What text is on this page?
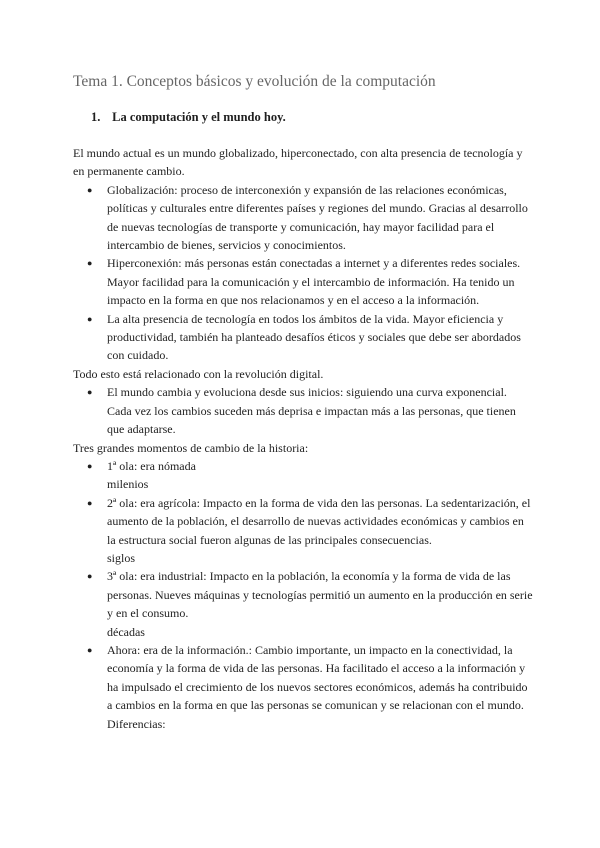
Tema 1. Conceptos básicos y evolución de la computación
1. La computación y el mundo hoy.

El mundo actual es un mundo globalizado, hiperconectado, con alta presencia de tecnología y en permanente cambio.

● Globalización: proceso de interconexión y expansión de las relaciones económicas, políticas y culturales entre diferentes países y regiones del mundo. Gracias al desarrollo de nuevas tecnologías de transporte y comunicación, hay mayor facilidad para el intercambio de bienes, servicios y conocimientos.
● Hiperconexión: más personas están conectadas a internet y a diferentes redes sociales. Mayor facilidad para la comunicación y el intercambio de información. Ha tenido un impacto en la forma en que nos relacionamos y en el acceso a la información.
● La alta presencia de tecnología en todos los ámbitos de la vida. Mayor eficiencia y productividad, también ha planteado desafíos éticos y sociales que debe ser abordados con cuidado.

Todo esto está relacionado con la revolución digital.

● El mundo cambia y evoluciona desde sus inicios: siguiendo una curva exponencial. Cada vez los cambios suceden más deprisa e impactan más a las personas, que tienen que adaptarse.

Tres grandes momentos de cambio de la historia:

● 1ª ola: era nómada
milenios
● 2ª ola: era agrícola: Impacto en la forma de vida den las personas. La sedentarización, el aumento de la población, el desarrollo de nuevas actividades económicas y cambios en la estructura social fueron algunas de las principales consecuencias.
siglos
● 3ª ola: era industrial: Impacto en la población, la economía y la forma de vida de las personas. Nueves máquinas y tecnologías permitió un aumento en la producción en serie y en el consumo.
décadas
● Ahora: era de la información.: Cambio importante, un impacto en la conectividad, la economía y la forma de vida de las personas. Ha facilitado el acceso a la información y ha impulsado el crecimiento de los nuevos sectores económicos, además ha contribuido a cambios en la forma en que las personas se comunican y se relacionan con el mundo.
Diferencias:
